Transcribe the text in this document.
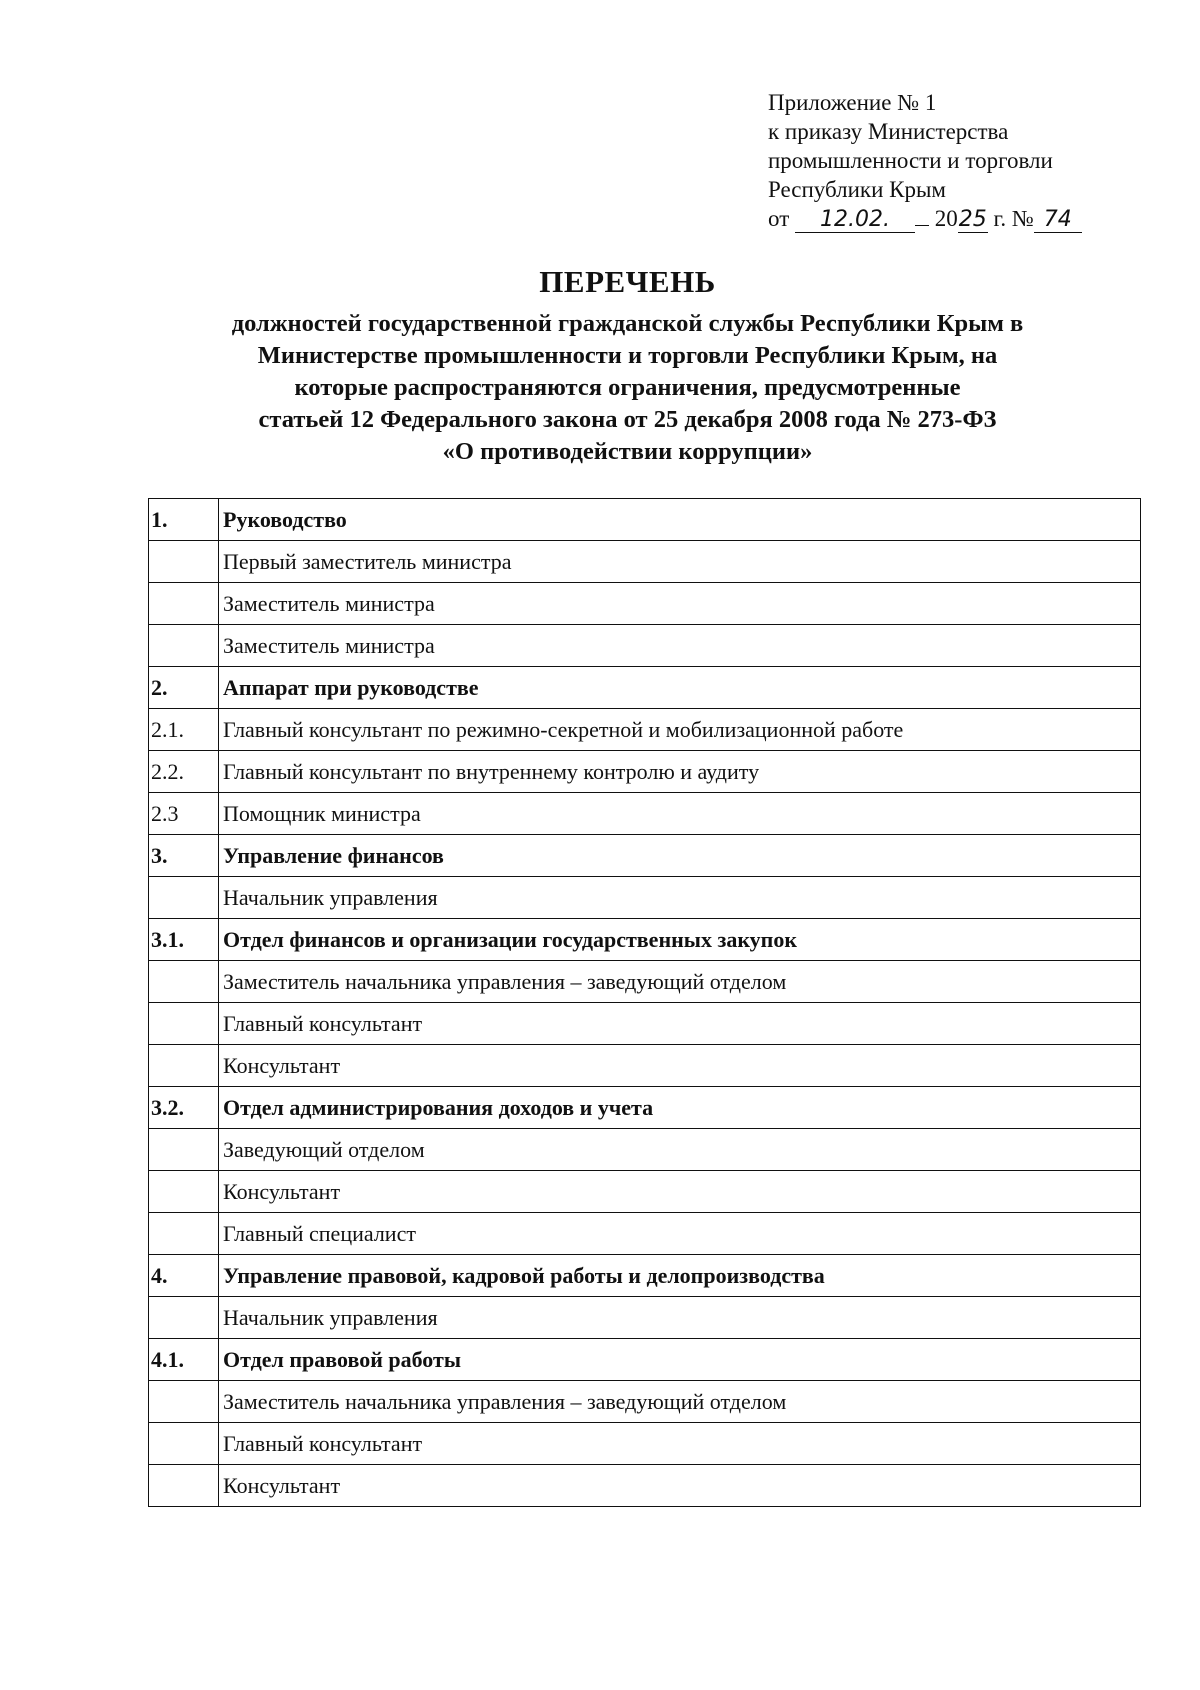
Приложение № 1
к приказу Министерства
промышленности и торговли
Республики Крым
от 12.02. 2025 г. № 74
ПЕРЕЧЕНЬ
должностей государственной гражданской службы Республики Крым в
Министерстве промышленности и торговли Республики Крым, на
которые распространяются ограничения, предусмотренные
статьей 12 Федерального закона от 25 декабря 2008 года № 273-ФЗ
«О противодействии коррупции»
1.	Руководство
	Первый заместитель министра
	Заместитель министра
	Заместитель министра
2.	Аппарат при руководстве
2.1.	Главный консультант по режимно-секретной и мобилизационной работе
2.2.	Главный консультант по внутреннему контролю и аудиту
2.3	Помощник министра
3.	Управление финансов
	Начальник управления
3.1.	Отдел финансов и организации государственных закупок
	Заместитель начальника управления – заведующий отделом
	Главный консультант
	Консультант
3.2.	Отдел администрирования доходов и учета
	Заведующий отделом
	Консультант
	Главный специалист
4.	Управление правовой, кадровой работы и делопроизводства
	Начальник управления
4.1.	Отдел правовой работы
	Заместитель начальника управления – заведующий отделом
	Главный консультант
	Консультант
